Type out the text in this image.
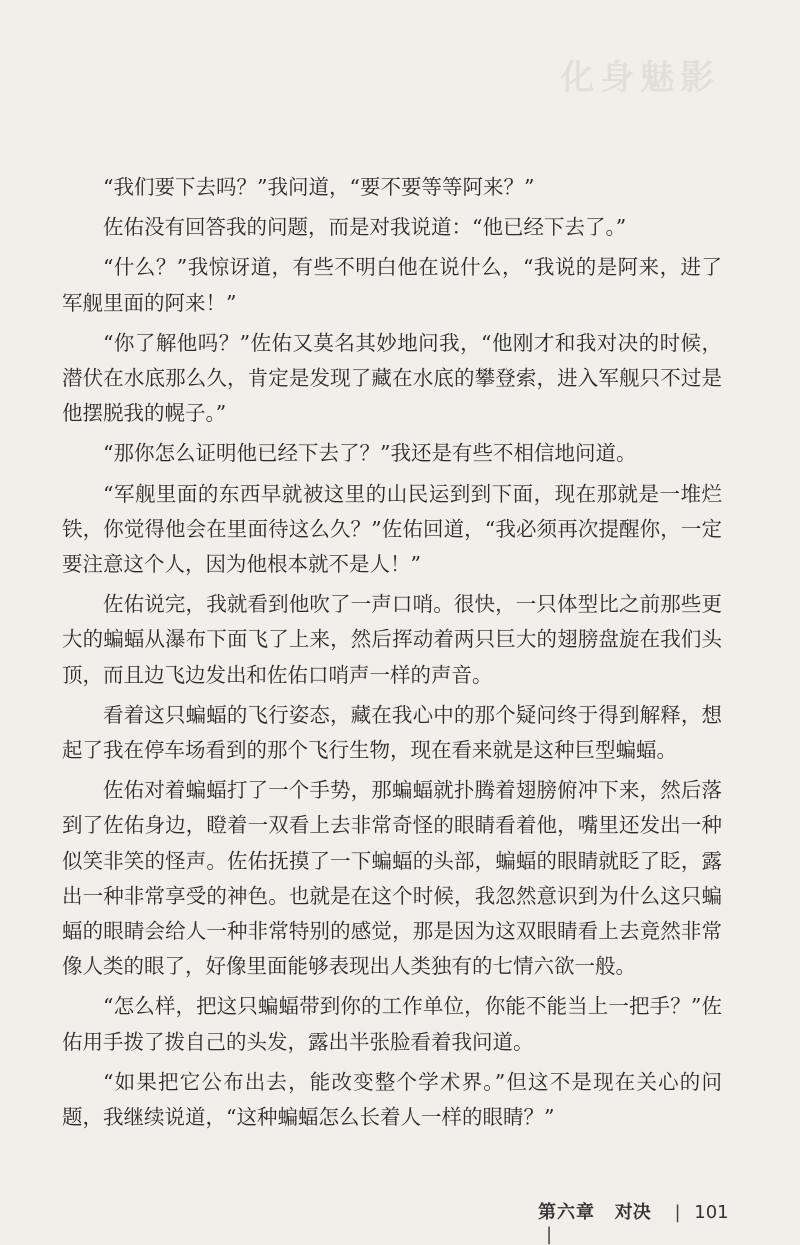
化身魅影

“我们要下去吗？”我问道，“要不要等等阿来？”

佐佑没有回答我的问题，而是对我说道：“他已经下去了。”

“什么？”我惊讶道，有些不明白他在说什么，“我说的是阿来，进了军舰里面的阿来！”

“你了解他吗？”佐佑又莫名其妙地问我，“他刚才和我对决的时候，潜伏在水底那么久，肯定是发现了藏在水底的攀登索，进入军舰只不过是他摆脱我的幌子。”

“那你怎么证明他已经下去了？”我还是有些不相信地问道。

“军舰里面的东西早就被这里的山民运到到下面，现在那就是一堆烂铁，你觉得他会在里面待这么久？”佐佑回道，“我必须再次提醒你，一定要注意这个人，因为他根本就不是人！”

佐佑说完，我就看到他吹了一声口哨。很快，一只体型比之前那些更大的蝙蝠从瀑布下面飞了上来，然后挥动着两只巨大的翅膀盘旋在我们头顶，而且边飞边发出和佐佑口哨声一样的声音。

看着这只蝙蝠的飞行姿态，藏在我心中的那个疑问终于得到解释，想起了我在停车场看到的那个飞行生物，现在看来就是这种巨型蝙蝠。

佐佑对着蝙蝠打了一个手势，那蝙蝠就扑腾着翅膀俯冲下来，然后落到了佐佑身边，瞪着一双看上去非常奇怪的眼睛看着他，嘴里还发出一种似笑非笑的怪声。佐佑抚摸了一下蝙蝠的头部，蝙蝠的眼睛就眨了眨，露出一种非常享受的神色。也就是在这个时候，我忽然意识到为什么这只蝙蝠的眼睛会给人一种非常特别的感觉，那是因为这双眼睛看上去竟然非常像人类的眼了，好像里面能够表现出人类独有的七情六欲一般。

“怎么样，把这只蝙蝠带到你的工作单位，你能不能当上一把手？”佐佑用手拨了拨自己的头发，露出半张脸看着我问道。

“如果把它公布出去，能改变整个学术界。”但这不是现在关心的问题，我继续说道，“这种蝙蝠怎么长着人一样的眼睛？”

第六章 对决 | 101 |
